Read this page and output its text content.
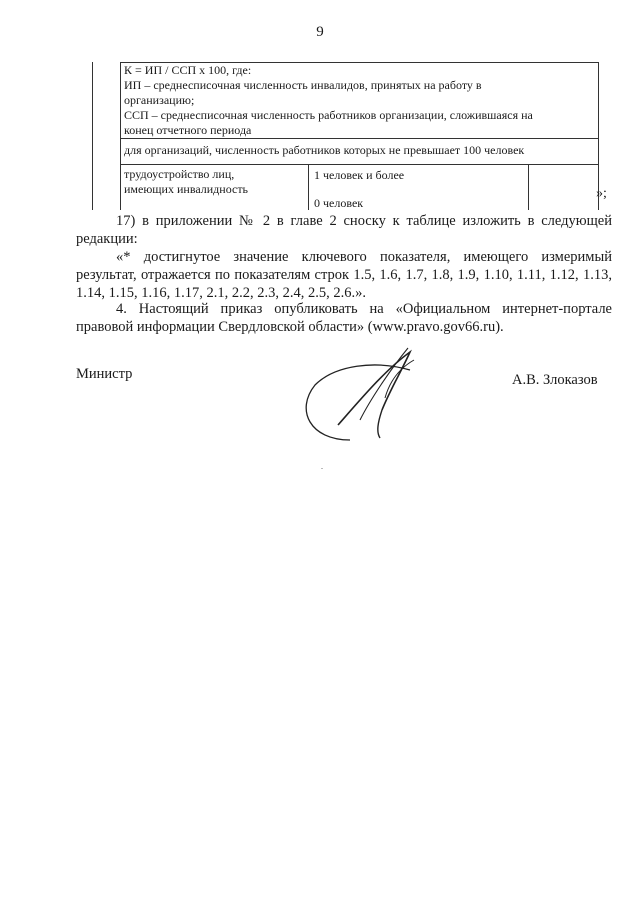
9
К = ИП / ССП х 100, где:
ИП – среднесписочная численность инвалидов, принятых на работу в
организацию;
ССП – среднесписочная численность работников организации, сложившаяся на
конец отчетного периода
для организаций, численность работников которых не превышает 100 человек
трудоустройство лиц,
имеющих инвалидность
1 человек и более
0 человек
»;
17) в приложении № 2 в главе 2 сноску к таблице изложить в следующей редакции:
«* достигнутое значение ключевого показателя, имеющего измеримый результат, отражается по показателям строк 1.5, 1.6, 1.7, 1.8, 1.9, 1.10, 1.11, 1.12, 1.13, 1.14, 1.15, 1.16, 1.17, 2.1, 2.2, 2.3, 2.4, 2.5, 2.6.».
4. Настоящий приказ опубликовать на «Официальном интернет-портале правовой информации Свердловской области» (www.pravo.gov66.ru).
Министр	А.В. Злоказов
